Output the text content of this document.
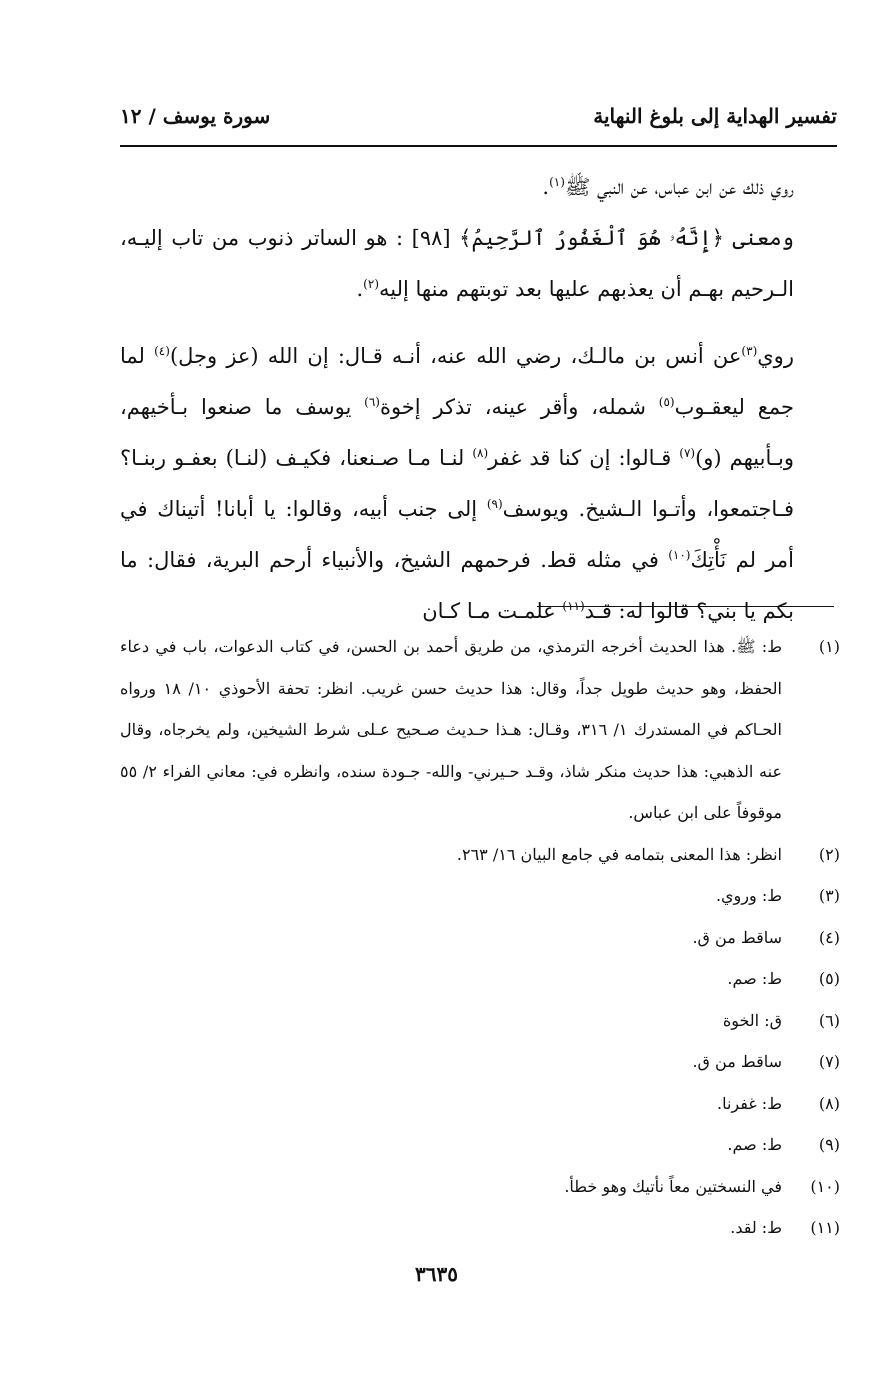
تفسير الهداية إلى بلوغ النهاية
سورة يوسف / ١٢

روي ذلك عن ابن عباس، عن النبي ﷺ$^{(١)}$.

ومعنى ﴿إِنَّهُۥ هُوَ ٱلْغَفُورُ ٱلرَّحِيمُ﴾ [٩٨] : هو الساتر ذنوب من تاب إليـه، الـرحيم بهـم أن يعذبهم عليها بعد توبتهم منها إليه$^{(٢)}$.

روي$^{(٣)}$عن أنس بن مالـك، رضي الله عنه، أنـه قـال: إن الله (عز وجل)$^{(٤)}$ لما جمع ليعقـوب$^{(٥)}$ شمله، وأقر عينه، تذكر إخوة$^{(٦)}$ يوسف ما صنعوا بـأخيهم، وبـأبيهم (و)$^{(٧)}$ قـالوا: إن كنا قد غفر$^{(٨)}$ لنـا مـا صـنعنا، فكيـف (لنـا) بعفـو ربنـا؟ فـاجتمعوا، وأتـوا الـشيخ. ويوسف$^{(٩)}$ إلى جنب أبيه، وقالوا: يا أبانا! أتيناك في أمر لم نَأْتِكَ$^{(١٠)}$ في مثله قط. فرحمهم الشيخ، والأنبياء أرحم البرية، فقال: ما بكم يا بني؟ قالوا له: قـد$^{(١١)}$ علمـت مـا كـان

(١)
ط: ﷺ. هذا الحديث أخرجه الترمذي، من طريق أحمد بن الحسن، في كتاب الدعوات، باب في دعاء الحفظ، وهو حديث طويل جداً، وقال: هذا حديث حسن غريب. انظر: تحفة الأحوذي ١٠/ ١٨ ورواه الحـاكم في المستدرك ١/ ٣١٦، وقـال: هـذا حـديث صـحيح عـلى شرط الشيخين، ولم يخرجاه، وقال عنه الذهبي: هذا حديث منكر شاذ، وقـد حـيرني- والله- جـودة سنده، وانظره في: معاني الفراء ٢/ ٥٥ موقوفاً على ابن عباس.
(٢)
انظر: هذا المعنى بتمامه في جامع البيان ١٦/ ٢٦٣.
(٣)
ط: وروي.
(٤)
ساقط من ق.
(٥)
ط: صم.
(٦)
ق: الخوة
(٧)
ساقط من ق.
(٨)
ط: غفرنا.
(٩)
ط: صم.
(١٠)
في النسختين معاً نأتيك وهو خطأ.
(١١)
ط: لقد.
٣٦٣٥
